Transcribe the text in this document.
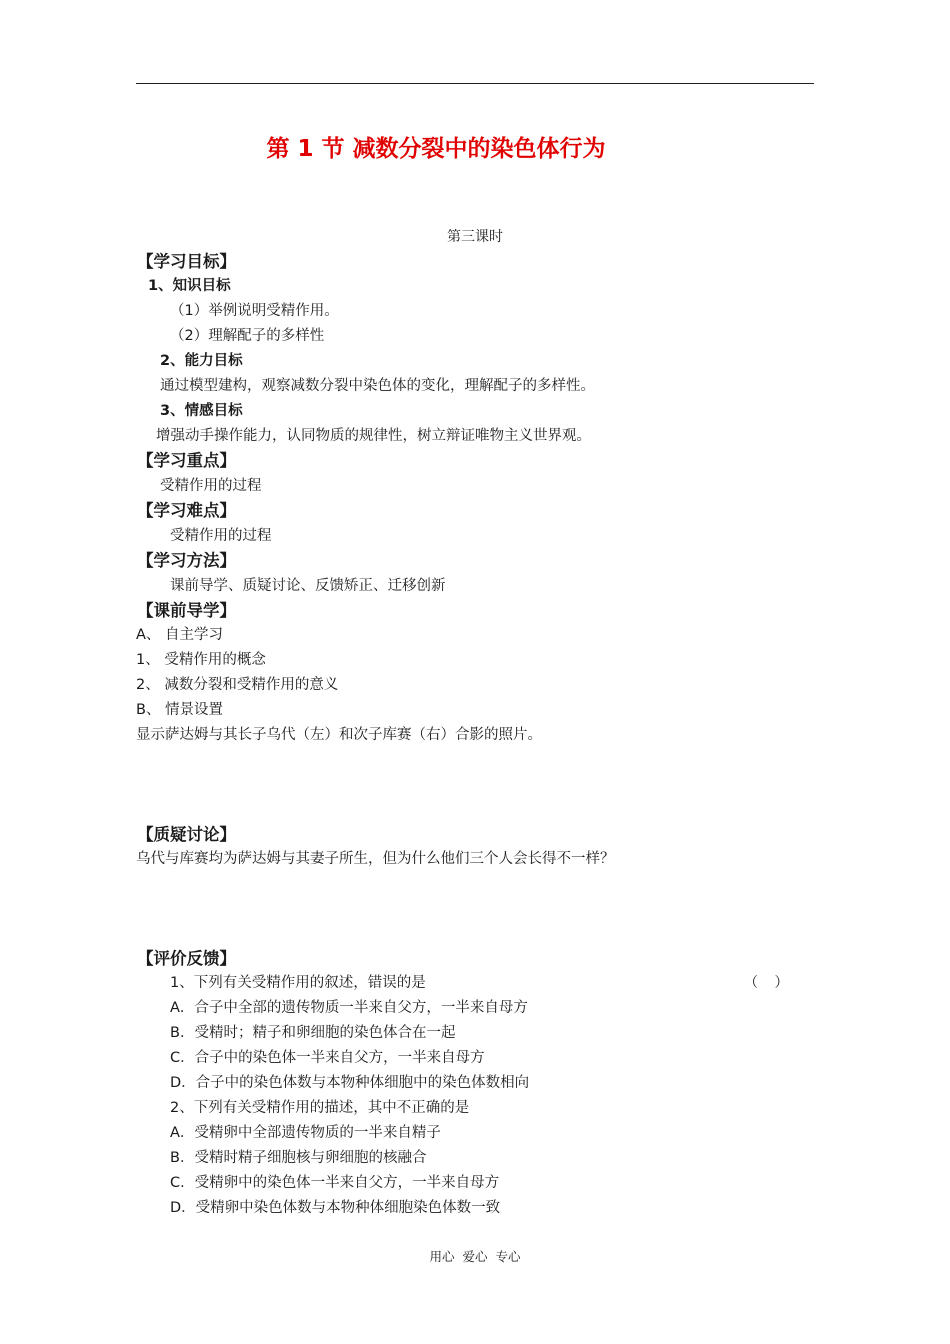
第 1 节 减数分裂中的染色体行为
第三课时
【学习目标】
1、知识目标
（1）举例说明受精作用。
（2）理解配子的多样性
2、能力目标
通过模型建构，观察减数分裂中染色体的变化，理解配子的多样性。
3、情感目标
增强动手操作能力，认同物质的规律性，树立辩证唯物主义世界观。
【学习重点】
受精作用的过程
【学习难点】
受精作用的过程
【学习方法】
课前导学、质疑讨论、反馈矫正、迁移创新
【课前导学】
A、 自主学习
1、 受精作用的概念
2、 减数分裂和受精作用的意义
B、 情景设置
显示萨达姆与其长子乌代（左）和次子库赛（右）合影的照片。
【质疑讨论】
乌代与库赛均为萨达姆与其妻子所生，但为什么他们三个人会长得不一样？
【评价反馈】
1、下列有关受精作用的叙述，错误的是	（ ）
A．合子中全部的遗传物质一半来自父方，一半来自母方
B．受精时；精子和卵细胞的染色体合在一起
C．合子中的染色体一半来自父方，一半来自母方
D．合子中的染色体数与本物种体细胞中的染色体数相向
2、下列有关受精作用的描述，其中不正确的是
A．受精卵中全部遗传物质的一半来自精子
B．受精时精子细胞核与卵细胞的核融合
C．受精卵中的染色体一半来自父方，一半来自母方
D．受精卵中染色体数与本物种体细胞染色体数一致
用心  爱心  专心
